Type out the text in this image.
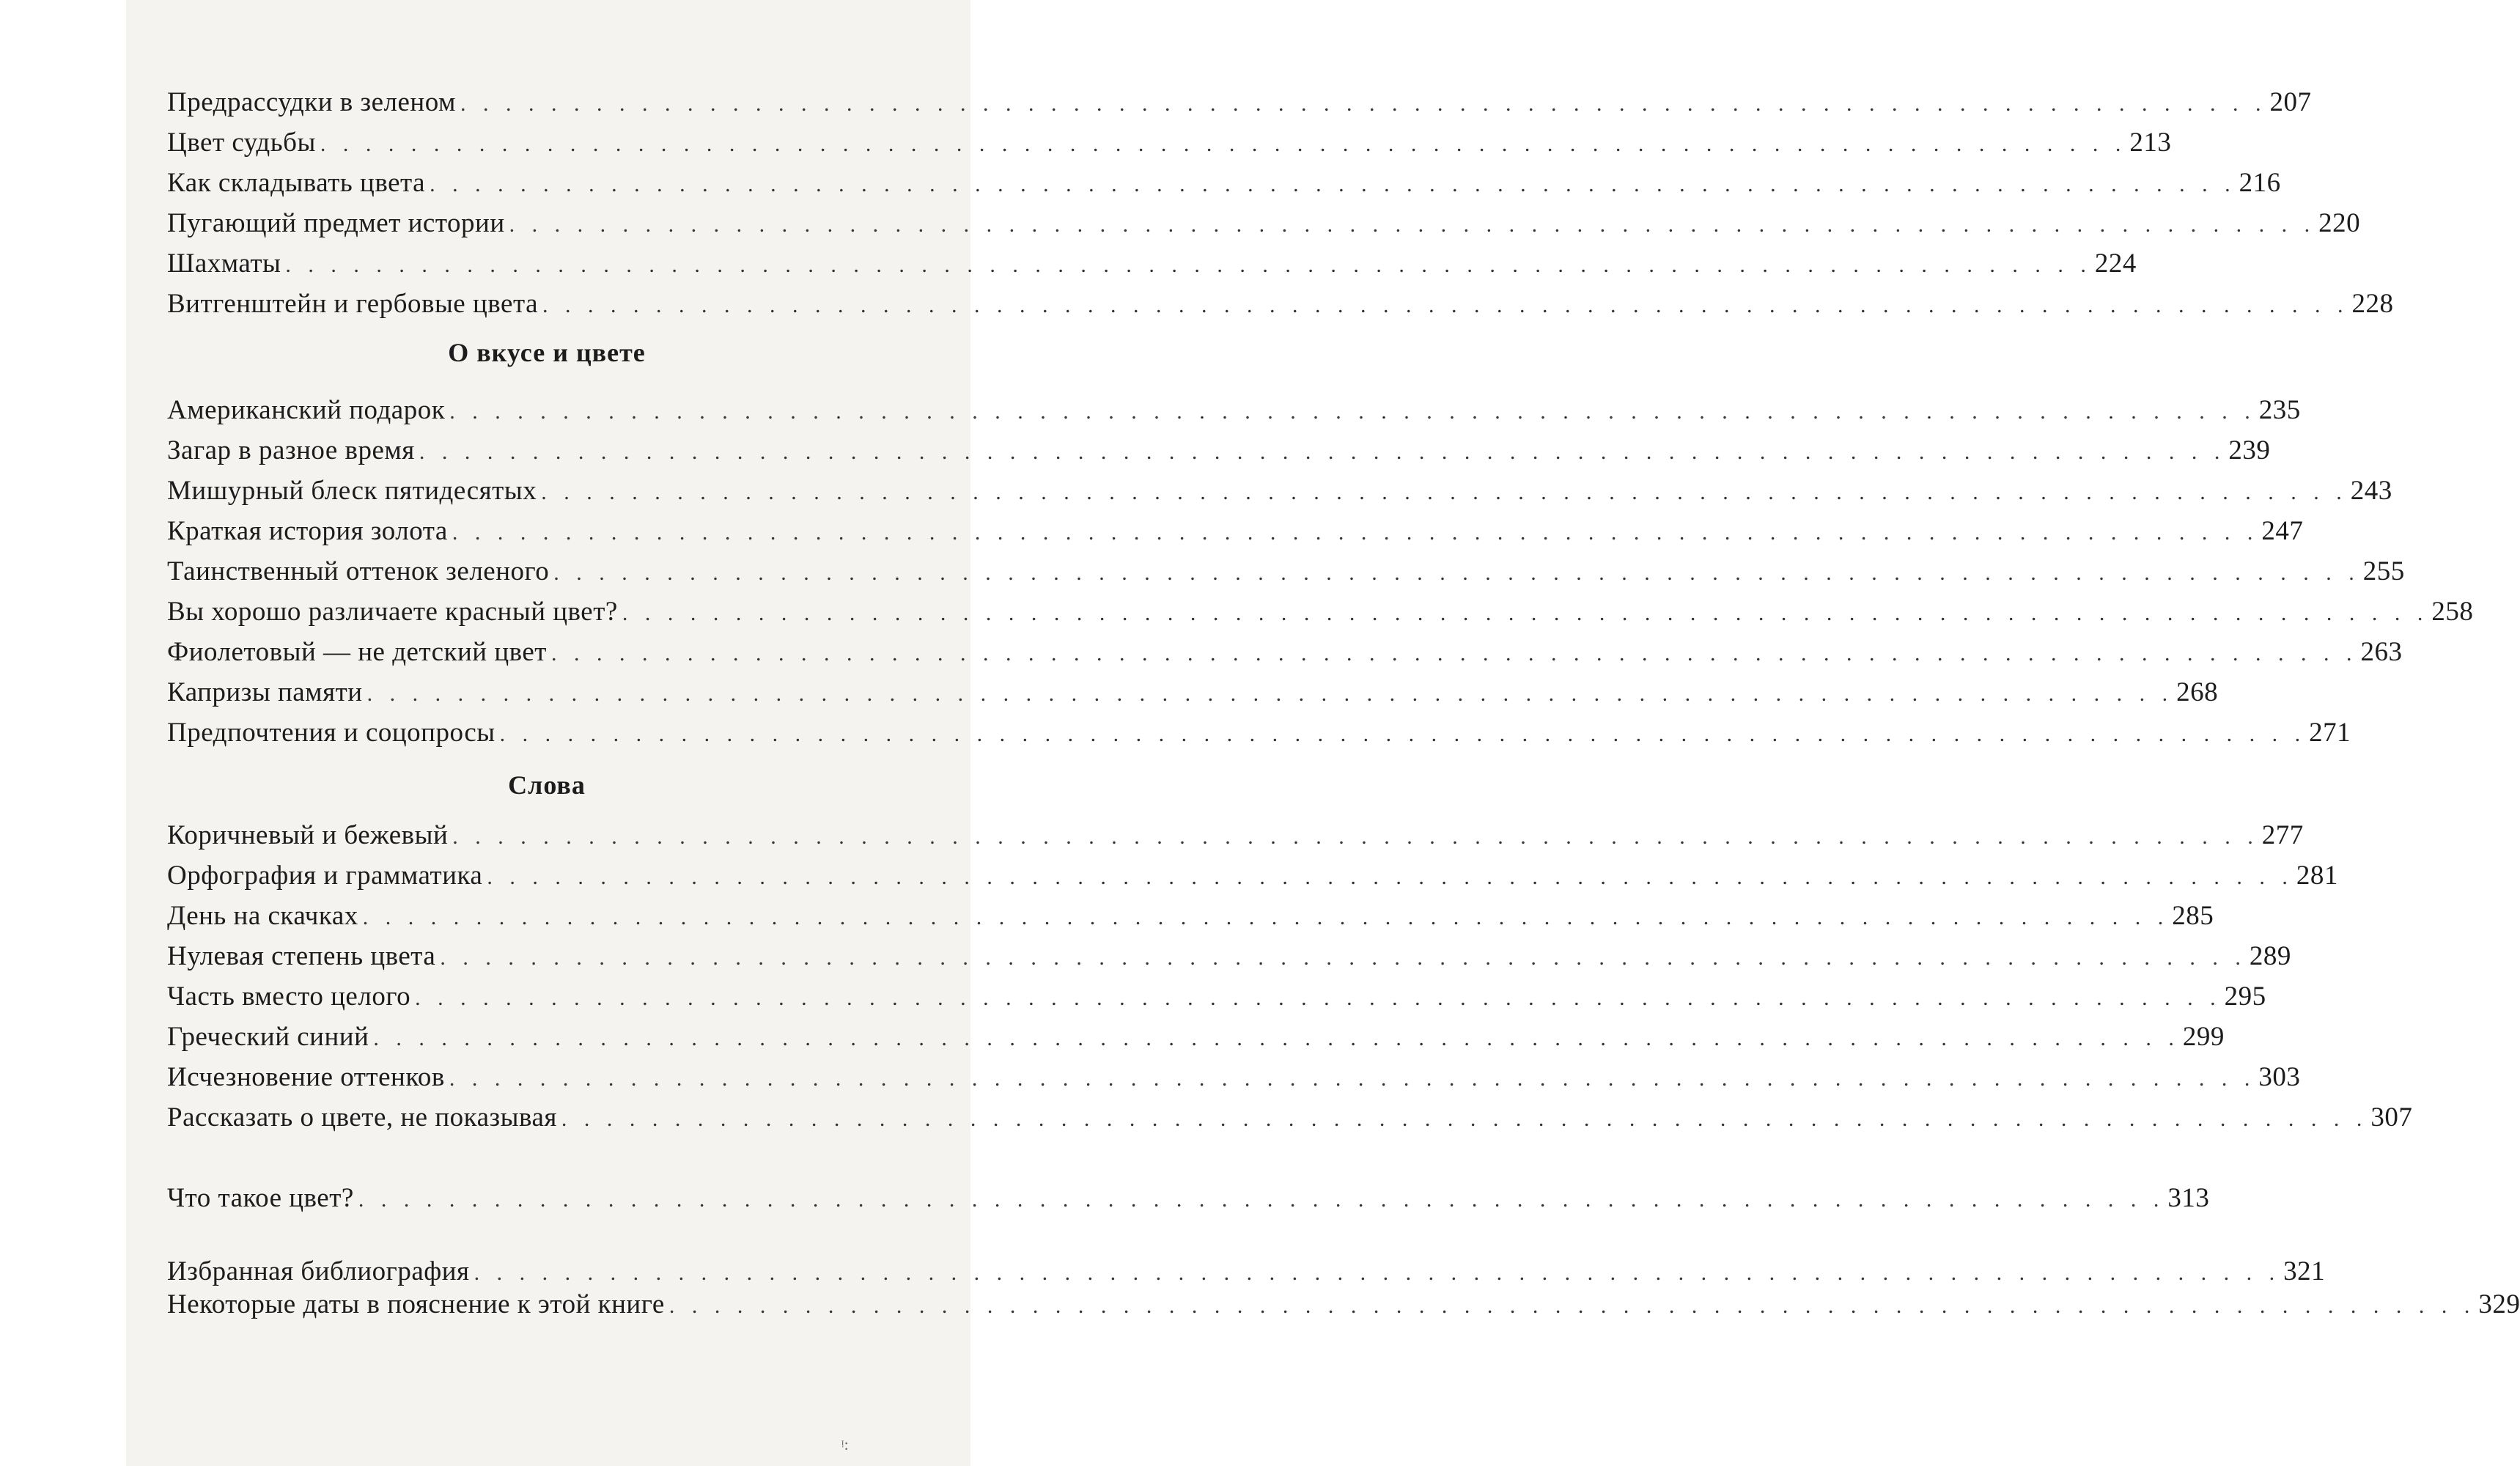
Предрассудки в зеленом . . . . . . . . . . . . . . . . . . . . . . . . . . . . . . . . . . . . . . . . . . . . . . . . . . . . . . . . . . . . . . . . . . . . . . . . . . . . . . . . 207
Цвет судьбы . . . . . . . . . . . . . . . . . . . . . . . . . . . . . . . . . . . . . . . . . . . . . . . . . . . . . . . . . . . . . . . . . . . . . . . . . . . . . . . . 213
Как складывать цвета . . . . . . . . . . . . . . . . . . . . . . . . . . . . . . . . . . . . . . . . . . . . . . . . . . . . . . . . . . . . . . . . . . . . . . . . . . . . . . . . 216
Пугающий предмет истории . . . . . . . . . . . . . . . . . . . . . . . . . . . . . . . . . . . . . . . . . . . . . . . . . . . . . . . . . . . . . . . . . . . . . . . . . . . . . . . . 220
Шахматы . . . . . . . . . . . . . . . . . . . . . . . . . . . . . . . . . . . . . . . . . . . . . . . . . . . . . . . . . . . . . . . . . . . . . . . . . . . . . . . . 224
Витгенштейн и гербовые цвета . . . . . . . . . . . . . . . . . . . . . . . . . . . . . . . . . . . . . . . . . . . . . . . . . . . . . . . . . . . . . . . . . . . . . . . . . . . . . . . . 228
О вкусе и цвете
Американский подарок . . . . . . . . . . . . . . . . . . . . . . . . . . . . . . . . . . . . . . . . . . . . . . . . . . . . . . . . . . . . . . . . . . . . . . . . . . . . . . . . 235
Загар в разное время . . . . . . . . . . . . . . . . . . . . . . . . . . . . . . . . . . . . . . . . . . . . . . . . . . . . . . . . . . . . . . . . . . . . . . . . . . . . . . . . 239
Мишурный блеск пятидесятых . . . . . . . . . . . . . . . . . . . . . . . . . . . . . . . . . . . . . . . . . . . . . . . . . . . . . . . . . . . . . . . . . . . . . . . . . . . . . . . . 243
Краткая история золота . . . . . . . . . . . . . . . . . . . . . . . . . . . . . . . . . . . . . . . . . . . . . . . . . . . . . . . . . . . . . . . . . . . . . . . . . . . . . . . . 247
Таинственный оттенок зеленого . . . . . . . . . . . . . . . . . . . . . . . . . . . . . . . . . . . . . . . . . . . . . . . . . . . . . . . . . . . . . . . . . . . . . . . . . . . . . . . . 255
Вы хорошо различаете красный цвет? . . . . . . . . . . . . . . . . . . . . . . . . . . . . . . . . . . . . . . . . . . . . . . . . . . . . . . . . . . . . . . . . . . . . . . . . . . . . . . . . 258
Фиолетовый — не детский цвет . . . . . . . . . . . . . . . . . . . . . . . . . . . . . . . . . . . . . . . . . . . . . . . . . . . . . . . . . . . . . . . . . . . . . . . . . . . . . . . . 263
Капризы памяти . . . . . . . . . . . . . . . . . . . . . . . . . . . . . . . . . . . . . . . . . . . . . . . . . . . . . . . . . . . . . . . . . . . . . . . . . . . . . . . . 268
Предпочтения и соцопросы . . . . . . . . . . . . . . . . . . . . . . . . . . . . . . . . . . . . . . . . . . . . . . . . . . . . . . . . . . . . . . . . . . . . . . . . . . . . . . . . 271
Слова
Коричневый и бежевый . . . . . . . . . . . . . . . . . . . . . . . . . . . . . . . . . . . . . . . . . . . . . . . . . . . . . . . . . . . . . . . . . . . . . . . . . . . . . . . . 277
Орфография и грамматика . . . . . . . . . . . . . . . . . . . . . . . . . . . . . . . . . . . . . . . . . . . . . . . . . . . . . . . . . . . . . . . . . . . . . . . . . . . . . . . . 281
День на скачках . . . . . . . . . . . . . . . . . . . . . . . . . . . . . . . . . . . . . . . . . . . . . . . . . . . . . . . . . . . . . . . . . . . . . . . . . . . . . . . . 285
Нулевая степень цвета . . . . . . . . . . . . . . . . . . . . . . . . . . . . . . . . . . . . . . . . . . . . . . . . . . . . . . . . . . . . . . . . . . . . . . . . . . . . . . . . 289
Часть вместо целого . . . . . . . . . . . . . . . . . . . . . . . . . . . . . . . . . . . . . . . . . . . . . . . . . . . . . . . . . . . . . . . . . . . . . . . . . . . . . . . . 295
Греческий синий . . . . . . . . . . . . . . . . . . . . . . . . . . . . . . . . . . . . . . . . . . . . . . . . . . . . . . . . . . . . . . . . . . . . . . . . . . . . . . . . 299
Исчезновение оттенков . . . . . . . . . . . . . . . . . . . . . . . . . . . . . . . . . . . . . . . . . . . . . . . . . . . . . . . . . . . . . . . . . . . . . . . . . . . . . . . . 303
Рассказать о цвете, не показывая . . . . . . . . . . . . . . . . . . . . . . . . . . . . . . . . . . . . . . . . . . . . . . . . . . . . . . . . . . . . . . . . . . . . . . . . . . . . . . . . 307
Что такое цвет? . . . . . . . . . . . . . . . . . . . . . . . . . . . . . . . . . . . . . . . . . . . . . . . . . . . . . . . . . . . . . . . . . . . . . . . . . . . . . . . . 313
Избранная библиография . . . . . . . . . . . . . . . . . . . . . . . . . . . . . . . . . . . . . . . . . . . . . . . . . . . . . . . . . . . . . . . . . . . . . . . . . . . . . . . . 321
Некоторые даты в пояснение к этой книге . . . . . . . . . . . . . . . . . . . . . . . . . . . . . . . . . . . . . . . . . . . . . . . . . . . . . . . . . . . . . . . . . . . . . . . . . . . . . . . . 329
ᵎ:
